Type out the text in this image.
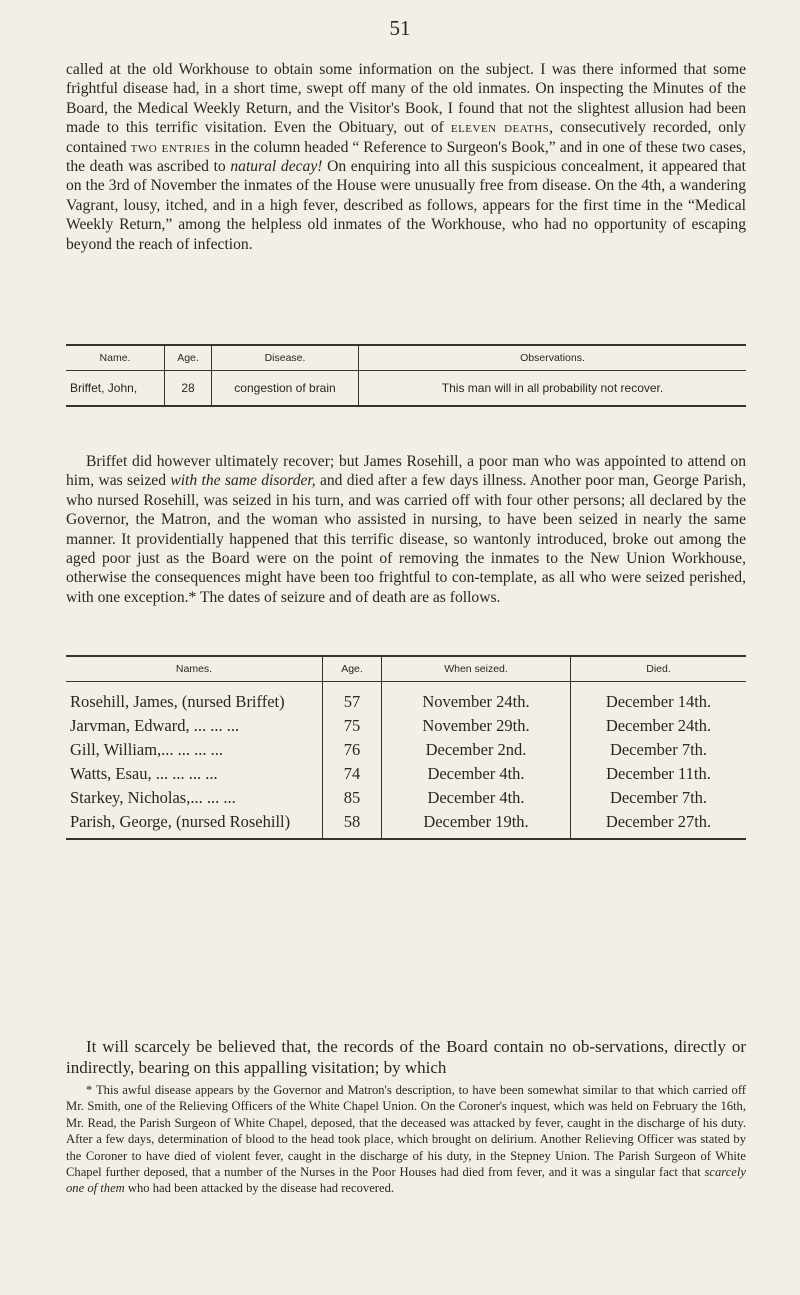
51

called at the old Workhouse to obtain some information on the subject. I was there informed that some frightful disease had, in a short time, swept off many of the old inmates. On inspecting the Minutes of the Board, the Medical Weekly Return, and the Visitor's Book, I found that not the slightest allusion had been made to this terrific visitation. Even the Obituary, out of eleven deaths, consecutively recorded, only contained two entries in the column headed “ Reference to Surgeon's Book,” and in one of these two cases, the death was ascribed to natural decay! On enquiring into all this suspicious concealment, it appeared that on the 3rd of November the inmates of the House were unusually free from disease. On the 4th, a wandering Vagrant, lousy, itched, and in a high fever, described as follows, appears for the first time in the “Medical Weekly Return,” among the helpless old inmates of the Workhouse, who had no opportunity of escaping beyond the reach of infection.

Name.	Age.	Disease.	Observations.
Briffet, John,	28	congestion of brain	This man will in all probability not recover.

Briffet did however ultimately recover; but James Rosehill, a poor man who was appointed to attend on him, was seized with the same disorder, and died after a few days illness. Another poor man, George Parish, who nursed Rosehill, was seized in his turn, and was carried off with four other persons; all declared by the Governor, the Matron, and the woman who assisted in nursing, to have been seized in nearly the same manner. It providentially happened that this terrific disease, so wantonly introduced, broke out among the aged poor just as the Board were on the point of removing the inmates to the New Union Workhouse, otherwise the consequences might have been too frightful to con-template, as all who were seized perished, with one exception.* The dates of seizure and of death are as follows.

Names.	Age.	When seized.	Died.
Rosehill, James, (nursed Briffet)	57	November 24th.	December 14th.
Jarvman, Edward, ... ... ...	75	November 29th.	December 24th.
Gill, William,... ... ... ...	76	December 2nd.	December 7th.
Watts, Esau, ... ... ... ...	74	December 4th.	December 11th.
Starkey, Nicholas,... ... ...	85	December 4th.	December 7th.
Parish, George, (nursed Rosehill)	58	December 19th.	December 27th.

It will scarcely be believed that, the records of the Board contain no ob-servations, directly or indirectly, bearing on this appalling visitation; by which

* This awful disease appears by the Governor and Matron's description, to have been somewhat similar to that which carried off Mr. Smith, one of the Relieving Officers of the White Chapel Union. On the Coroner's inquest, which was held on February the 16th, Mr. Read, the Parish Surgeon of White Chapel, deposed, that the deceased was attacked by fever, caught in the discharge of his duty. After a few days, determination of blood to the head took place, which brought on delirium. Another Relieving Officer was stated by the Coroner to have died of violent fever, caught in the discharge of his duty, in the Stepney Union. The Parish Surgeon of White Chapel further deposed, that a number of the Nurses in the Poor Houses had died from fever, and it was a singular fact that scarcely one of them who had been attacked by the disease had recovered.
